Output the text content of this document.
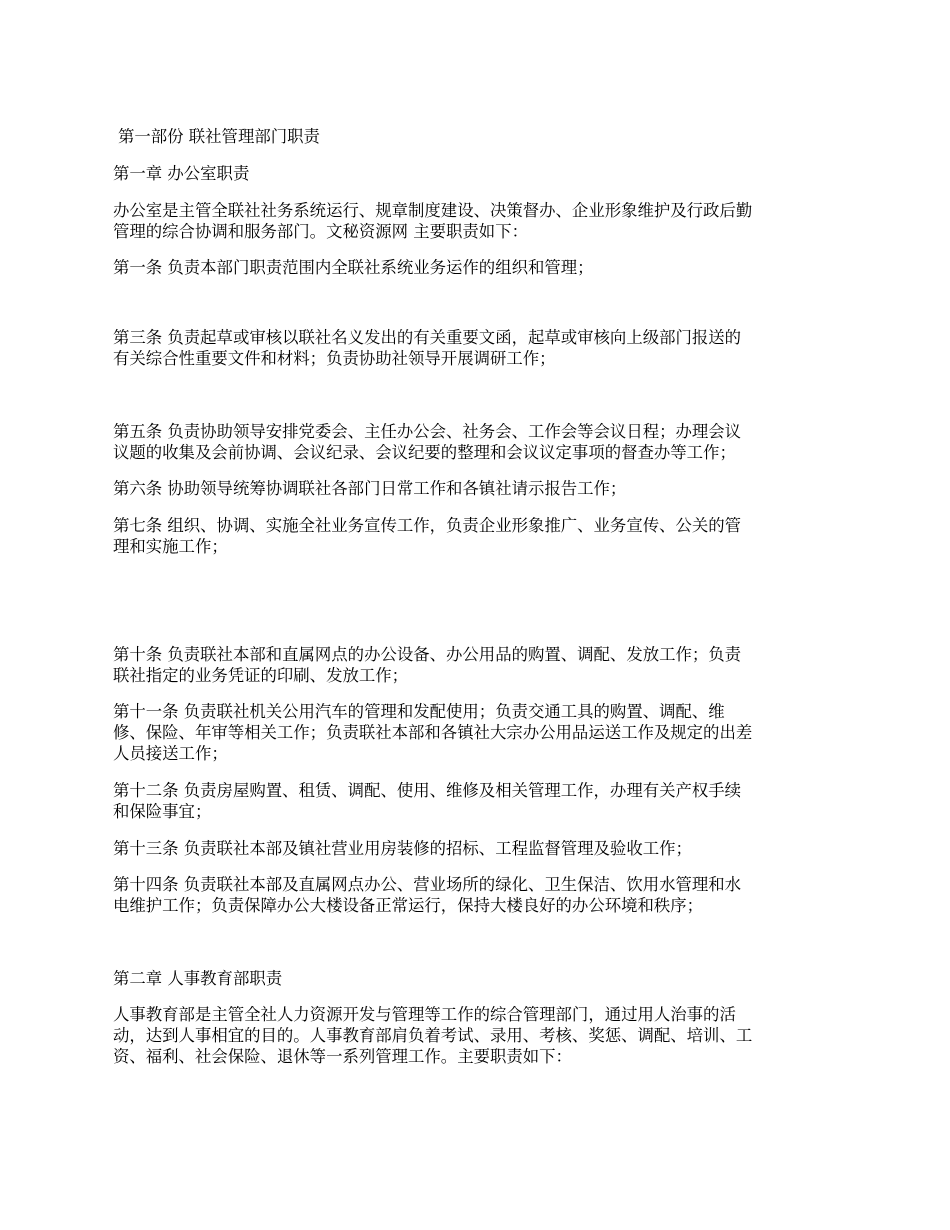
第一部份 联社管理部门职责
第一章 办公室职责
办公室是主管全联社社务系统运行、规章制度建设、决策督办、企业形象维护及行政后勤
管理的综合协调和服务部门。文秘资源网 主要职责如下：
第一条 负责本部门职责范围内全联社系统业务运作的组织和管理；
第三条 负责起草或审核以联社名义发出的有关重要文函，起草或审核向上级部门报送的
有关综合性重要文件和材料；负责协助社领导开展调研工作；
第五条 负责协助领导安排党委会、主任办公会、社务会、工作会等会议日程；办理会议
议题的收集及会前协调、会议纪录、会议纪要的整理和会议议定事项的督查办等工作；
第六条 协助领导统筹协调联社各部门日常工作和各镇社请示报告工作；
第七条 组织、协调、实施全社业务宣传工作，负责企业形象推广、业务宣传、公关的管
理和实施工作；
第十条 负责联社本部和直属网点的办公设备、办公用品的购置、调配、发放工作；负责
联社指定的业务凭证的印刷、发放工作；
第十一条 负责联社机关公用汽车的管理和发配使用；负责交通工具的购置、调配、维
修、保险、年审等相关工作；负责联社本部和各镇社大宗办公用品运送工作及规定的出差
人员接送工作；
第十二条 负责房屋购置、租赁、调配、使用、维修及相关管理工作，办理有关产权手续
和保险事宜；
第十三条 负责联社本部及镇社营业用房装修的招标、工程监督管理及验收工作；
第十四条 负责联社本部及直属网点办公、营业场所的绿化、卫生保洁、饮用水管理和水
电维护工作；负责保障办公大楼设备正常运行，保持大楼良好的办公环境和秩序；
第二章 人事教育部职责
人事教育部是主管全社人力资源开发与管理等工作的综合管理部门，通过用人治事的活
动，达到人事相宜的目的。人事教育部肩负着考试、录用、考核、奖惩、调配、培训、工
资、福利、社会保险、退休等一系列管理工作。主要职责如下：
